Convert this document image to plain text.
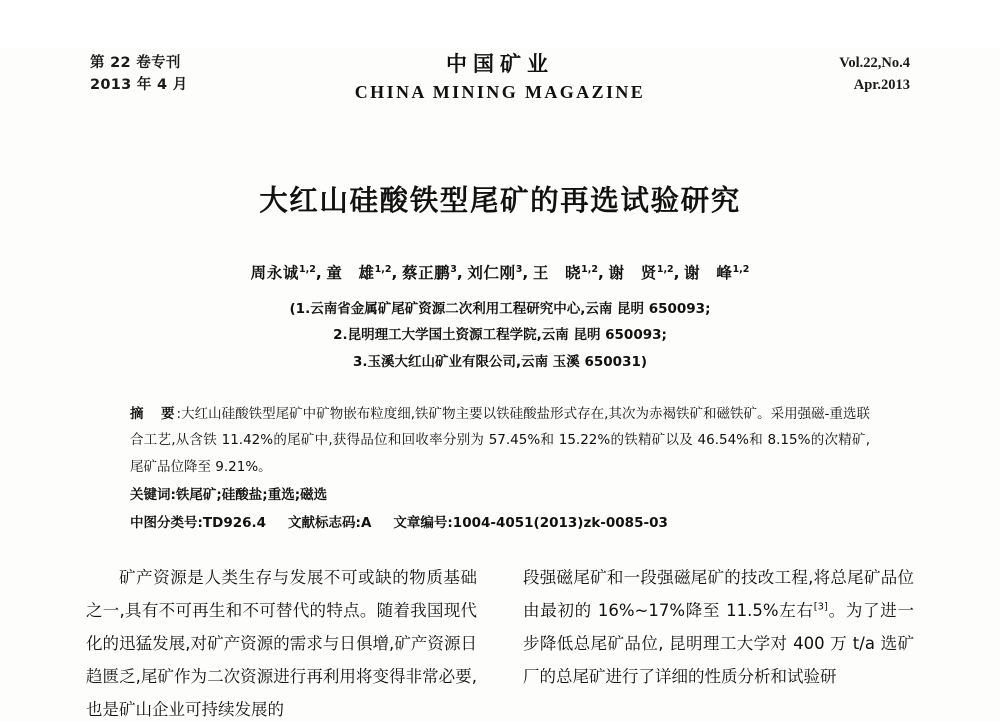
第 22 卷专刊
2013 年 4 月
中国矿业
CHINA MINING MAGAZINE
Vol.22,No.4
Apr.2013
大红山硅酸铁型尾矿的再选试验研究
周永诚$^{1,2}$, 童　雄$^{1,2}$, 蔡正鹏$^3$, 刘仁刚$^3$, 王　晓$^{1,2}$, 谢　贤$^{1,2}$, 谢　峰$^{1,2}$
(1.云南省金属矿尾矿资源二次利用工程研究中心,云南 昆明 650093;
2.昆明理工大学国土资源工程学院,云南 昆明 650093;
3.玉溪大红山矿业有限公司,云南 玉溪 650031)
摘　要:大红山硅酸铁型尾矿中矿物嵌布粒度细,铁矿物主要以铁硅酸盐形式存在,其次为赤褐铁矿和磁铁矿。采用强磁-重选联合工艺,从含铁 11.42%的尾矿中,获得品位和回收率分别为 57.45%和 15.22%的铁精矿以及 46.54%和 8.15%的次精矿,尾矿品位降至 9.21%。
关键词:铁尾矿;硅酸盐;重选;磁选
中图分类号:TD926.4 文献标志码:A 文章编号:1004-4051(2013)zk-0085-03

矿产资源是人类生存与发展不可或缺的物质基础之一,具有不可再生和不可替代的特点。随着我国现代化的迅猛发展,对矿产资源的需求与日俱增,矿产资源日趋匮乏,尾矿作为二次资源进行再利用将变得非常必要,也是矿山企业可持续发展的

段强磁尾矿和一段强磁尾矿的技改工程,将总尾矿品位由最初的 16%~17%降至 11.5%左右[3]。为了进一步降低总尾矿品位, 昆明理工大学对 400 万 t/a 选矿厂的总尾矿进行了详细的性质分析和试验研
